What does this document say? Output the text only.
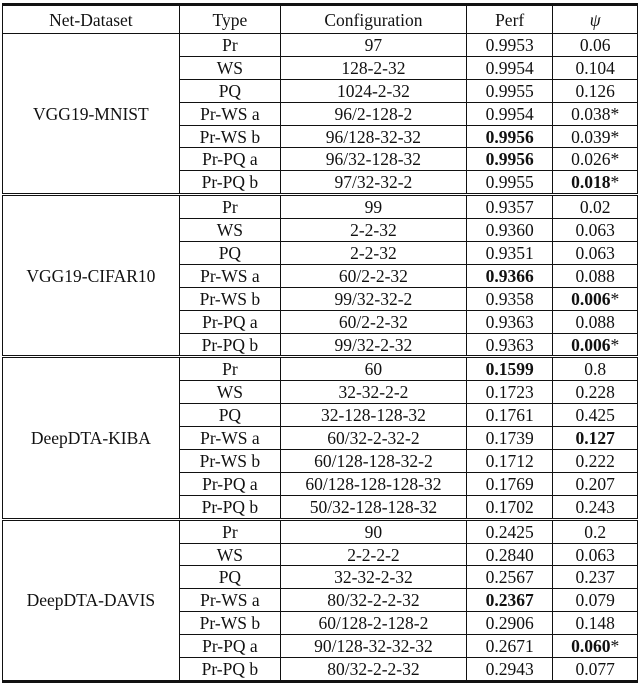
Net-Dataset	Type	Configuration	Perf	ψ
VGG19-MNIST	Pr	97	0.9953	0.06
	WS	128-2-32	0.9954	0.104
	PQ	1024-2-32	0.9955	0.126
	Pr-WS a	96/2-128-2	0.9954	0.038*
	Pr-WS b	96/128-32-32	0.9956	0.039*
	Pr-PQ a	96/32-128-32	0.9956	0.026*
	Pr-PQ b	97/32-32-2	0.9955	0.018*
VGG19-CIFAR10	Pr	99	0.9357	0.02
	WS	2-2-32	0.9360	0.063
	PQ	2-2-32	0.9351	0.063
	Pr-WS a	60/2-2-32	0.9366	0.088
	Pr-WS b	99/32-32-2	0.9358	0.006*
	Pr-PQ a	60/2-2-32	0.9363	0.088
	Pr-PQ b	99/32-2-32	0.9363	0.006*
DeepDTA-KIBA	Pr	60	0.1599	0.8
	WS	32-32-2-2	0.1723	0.228
	PQ	32-128-128-32	0.1761	0.425
	Pr-WS a	60/32-2-32-2	0.1739	0.127
	Pr-WS b	60/128-128-32-2	0.1712	0.222
	Pr-PQ a	60/128-128-128-32	0.1769	0.207
	Pr-PQ b	50/32-128-128-32	0.1702	0.243
DeepDTA-DAVIS	Pr	90	0.2425	0.2
	WS	2-2-2-2	0.2840	0.063
	PQ	32-32-2-32	0.2567	0.237
	Pr-WS a	80/32-2-2-32	0.2367	0.079
	Pr-WS b	60/128-2-128-2	0.2906	0.148
	Pr-PQ a	90/128-32-32-32	0.2671	0.060*
	Pr-PQ b	80/32-2-2-32	0.2943	0.077
